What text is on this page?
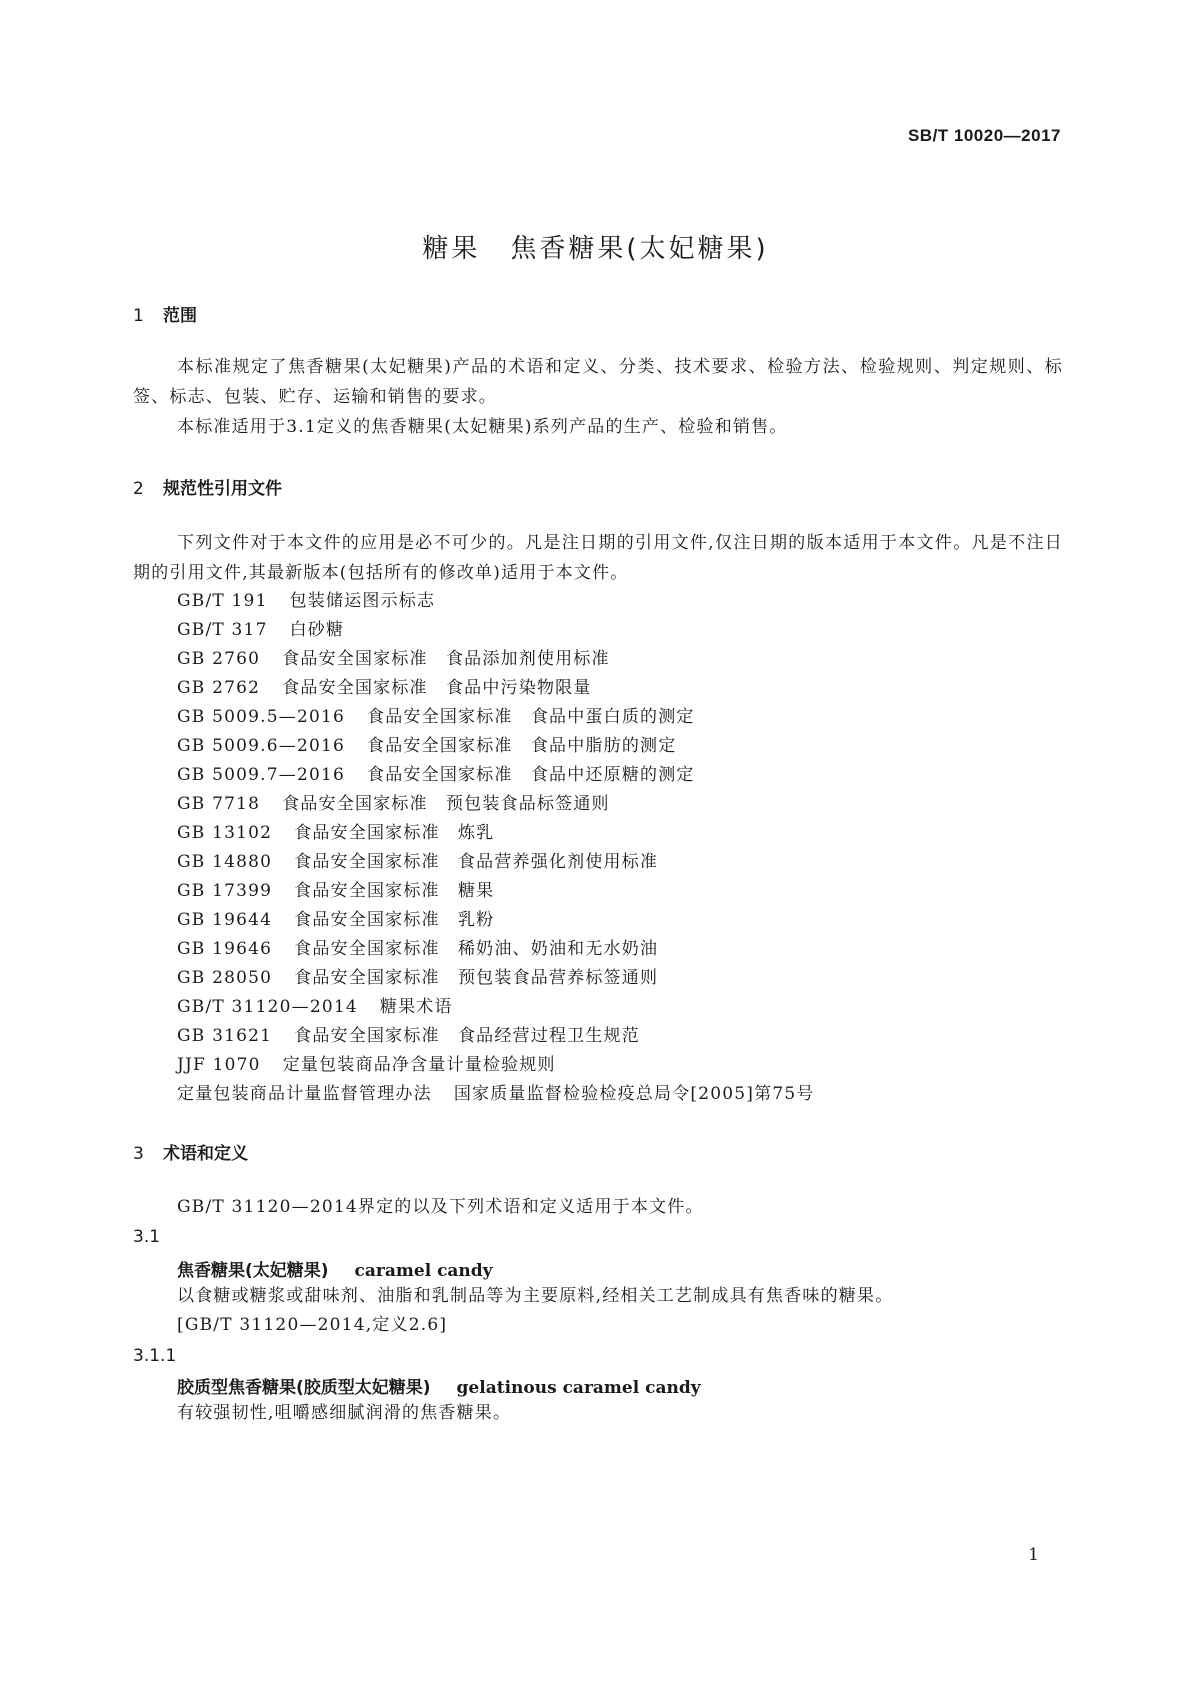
SB/T 10020—2017
糖果 焦香糖果(太妃糖果)
1 范围
本标准规定了焦香糖果(太妃糖果)产品的术语和定义、分类、技术要求、检验方法、检验规则、判定规则、标签、标志、包装、贮存、运输和销售的要求。
本标准适用于3.1定义的焦香糖果(太妃糖果)系列产品的生产、检验和销售。
2 规范性引用文件
下列文件对于本文件的应用是必不可少的。凡是注日期的引用文件,仅注日期的版本适用于本文件。凡是不注日期的引用文件,其最新版本(包括所有的修改单)适用于本文件。
GB/T 191 包装储运图示标志
GB/T 317 白砂糖
GB 2760 食品安全国家标准　食品添加剂使用标准
GB 2762 食品安全国家标准　食品中污染物限量
GB 5009.5—2016 食品安全国家标准　食品中蛋白质的测定
GB 5009.6—2016 食品安全国家标准　食品中脂肪的测定
GB 5009.7—2016 食品安全国家标准　食品中还原糖的测定
GB 7718 食品安全国家标准　预包装食品标签通则
GB 13102 食品安全国家标准　炼乳
GB 14880 食品安全国家标准　食品营养强化剂使用标准
GB 17399 食品安全国家标准　糖果
GB 19644 食品安全国家标准　乳粉
GB 19646 食品安全国家标准　稀奶油、奶油和无水奶油
GB 28050 食品安全国家标准　预包装食品营养标签通则
GB/T 31120—2014 糖果术语
GB 31621 食品安全国家标准　食品经营过程卫生规范
JJF 1070 定量包装商品净含量计量检验规则
定量包装商品计量监督管理办法 国家质量监督检验检疫总局令[2005]第75号
3 术语和定义
GB/T 31120—2014界定的以及下列术语和定义适用于本文件。
3.1
焦香糖果(太妃糖果) caramel candy
以食糖或糖浆或甜味剂、油脂和乳制品等为主要原料,经相关工艺制成具有焦香味的糖果。
[GB/T 31120—2014,定义2.6]
3.1.1
胶质型焦香糖果(胶质型太妃糖果) gelatinous caramel candy
有较强韧性,咀嚼感细腻润滑的焦香糖果。
1
